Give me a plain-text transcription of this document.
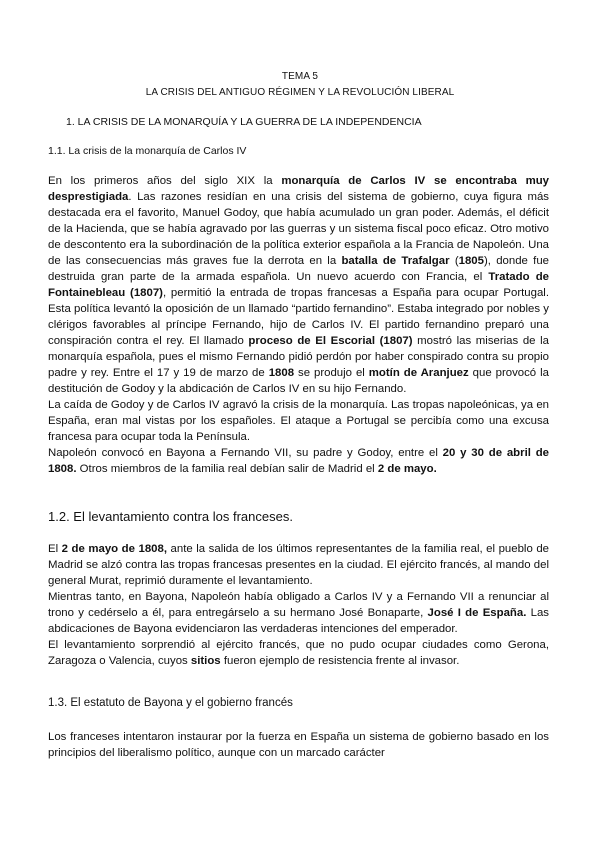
TEMA 5
LA CRISIS DEL ANTIGUO RÉGIMEN Y LA REVOLUCIÓN LIBERAL
1. LA CRISIS DE LA MONARQUÍA Y LA GUERRA DE LA INDEPENDENCIA
1.1. La crisis de la monarquía de Carlos IV

En los primeros años del siglo XIX la monarquía de Carlos IV se encontraba muy desprestigiada. Las razones residían en una crisis del sistema de gobierno, cuya figura más destacada era el favorito, Manuel Godoy, que había acumulado un gran poder. Además, el déficit de la Hacienda, que se había agravado por las guerras y un sistema fiscal poco eficaz. Otro motivo de descontento era la subordinación de la política exterior española a la Francia de Napoleón. Una de las consecuencias más graves fue la derrota en la batalla de Trafalgar (1805), donde fue destruida gran parte de la armada española. Un nuevo acuerdo con Francia, el Tratado de Fontainebleau (1807), permitió la entrada de tropas francesas a España para ocupar Portugal. Esta política levantó la oposición de un llamado “partido fernandino”. Estaba integrado por nobles y clérigos favorables al príncipe Fernando, hijo de Carlos IV. El partido fernandino preparó una conspiración contra el rey. El llamado proceso de El Escorial (1807) mostró las miserias de la monarquía española, pues el mismo Fernando pidió perdón por haber conspirado contra su propio padre y rey. Entre el 17 y 19 de marzo de 1808 se produjo el motín de Aranjuez que provocó la destitución de Godoy y la abdicación de Carlos IV en su hijo Fernando.

La caída de Godoy y de Carlos IV agravó la crisis de la monarquía. Las tropas napoleónicas, ya en España, eran mal vistas por los españoles. El ataque a Portugal se percibía como una excusa francesa para ocupar toda la Península.

Napoleón convocó en Bayona a Fernando VII, su padre y Godoy, entre el 20 y 30 de abril de 1808. Otros miembros de la familia real debían salir de Madrid el 2 de mayo.

1.2. El levantamiento contra los franceses.

El 2 de mayo de 1808, ante la salida de los últimos representantes de la familia real, el pueblo de Madrid se alzó contra las tropas francesas presentes en la ciudad. El ejército francés, al mando del general Murat, reprimió duramente el levantamiento.

Mientras tanto, en Bayona, Napoleón había obligado a Carlos IV y a Fernando VII a renunciar al trono y cedérselo a él, para entregárselo a su hermano José Bonaparte, José I de España. Las abdicaciones de Bayona evidenciaron las verdaderas intenciones del emperador.

El levantamiento sorprendió al ejército francés, que no pudo ocupar ciudades como Gerona, Zaragoza o Valencia, cuyos sitios fueron ejemplo de resistencia frente al invasor.

1.3. El estatuto de Bayona y el gobierno francés

Los franceses intentaron instaurar por la fuerza en España un sistema de gobierno basado en los principios del liberalismo político, aunque con un marcado carácter
